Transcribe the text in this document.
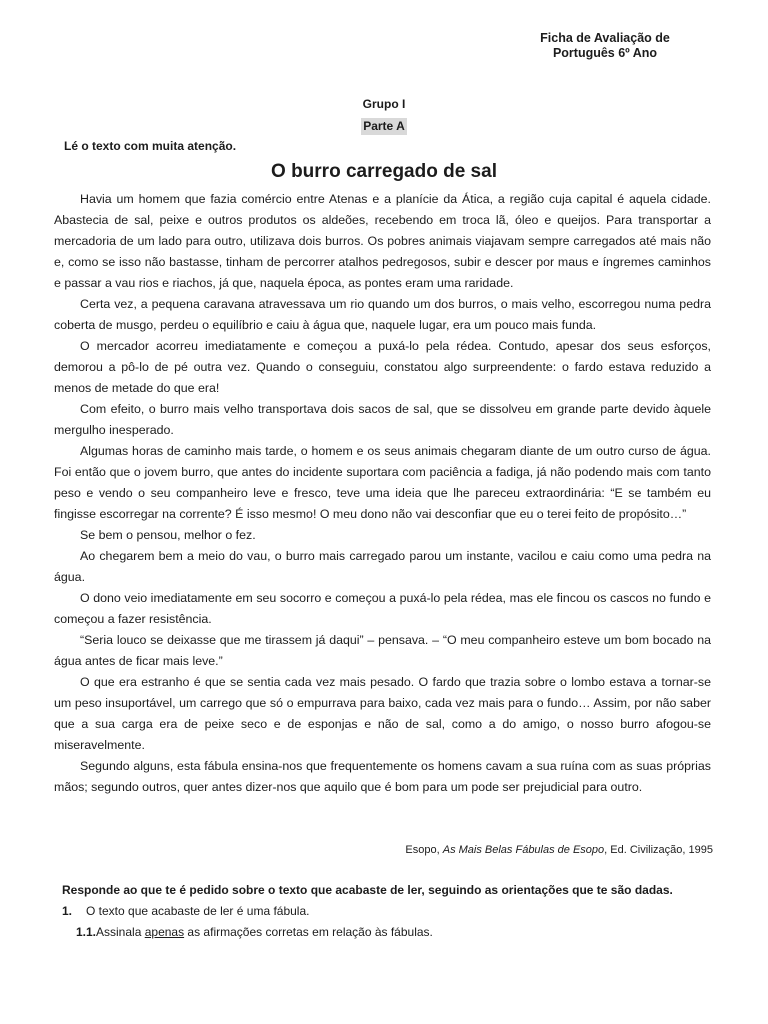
Ficha de Avaliação de
Português 6º Ano
Grupo I
Parte A
Lé o texto com muita atenção.
O burro carregado de sal

Havia um homem que fazia comércio entre Atenas e a planície da Ática, a região cuja capital é aquela cidade. Abastecia de sal, peixe e outros produtos os aldeões, recebendo em troca lã, óleo e queijos. Para transportar a mercadoria de um lado para outro, utilizava dois burros. Os pobres animais viajavam sempre carregados até mais não e, como se isso não bastasse, tinham de percorrer atalhos pedregosos, subir e descer por maus e íngremes caminhos e passar a vau rios e riachos, já que, naquela época, as pontes eram uma raridade.

Certa vez, a pequena caravana atravessava um rio quando um dos burros, o mais velho, escorregou numa pedra coberta de musgo, perdeu o equilíbrio e caiu à água que, naquele lugar, era um pouco mais funda.

O mercador acorreu imediatamente e começou a puxá-lo pela rédea. Contudo, apesar dos seus esforços, demorou a pô-lo de pé outra vez. Quando o conseguiu, constatou algo surpreendente: o fardo estava reduzido a menos de metade do que era!

Com efeito, o burro mais velho transportava dois sacos de sal, que se dissolveu em grande parte devido àquele mergulho inesperado.

Algumas horas de caminho mais tarde, o homem e os seus animais chegaram diante de um outro curso de água. Foi então que o jovem burro, que antes do incidente suportara com paciência a fadiga, já não podendo mais com tanto peso e vendo o seu companheiro leve e fresco, teve uma ideia que lhe pareceu extraordinária: “E se também eu fingisse escorregar na corrente? É isso mesmo! O meu dono não vai desconfiar que eu o terei feito de propósito…”

Se bem o pensou, melhor o fez.

Ao chegarem bem a meio do vau, o burro mais carregado parou um instante, vacilou e caiu como uma pedra na água.

O dono veio imediatamente em seu socorro e começou a puxá-lo pela rédea, mas ele fincou os cascos no fundo e começou a fazer resistência.

“Seria louco se deixasse que me tirassem já daqui” – pensava. – “O meu companheiro esteve um bom bocado na água antes de ficar mais leve.”

O que era estranho é que se sentia cada vez mais pesado. O fardo que trazia sobre o lombo estava a tornar-se um peso insuportável, um carrego que só o empurrava para baixo, cada vez mais para o fundo… Assim, por não saber que a sua carga era de peixe seco e de esponjas e não de sal, como a do amigo, o nosso burro afogou-se miseravelmente.

Segundo alguns, esta fábula ensina-nos que frequentemente os homens cavam a sua ruína com as suas próprias mãos; segundo outros, quer antes dizer-nos que aquilo que é bom para um pode ser prejudicial para outro.

Esopo, As Mais Belas Fábulas de Esopo, Ed. Civilização, 1995

Responde ao que te é pedido sobre o texto que acabaste de ler, seguindo as orientações que te são dadas.

1. O texto que acabaste de ler é uma fábula.

1.1.Assinala apenas as afirmações corretas em relação às fábulas.
